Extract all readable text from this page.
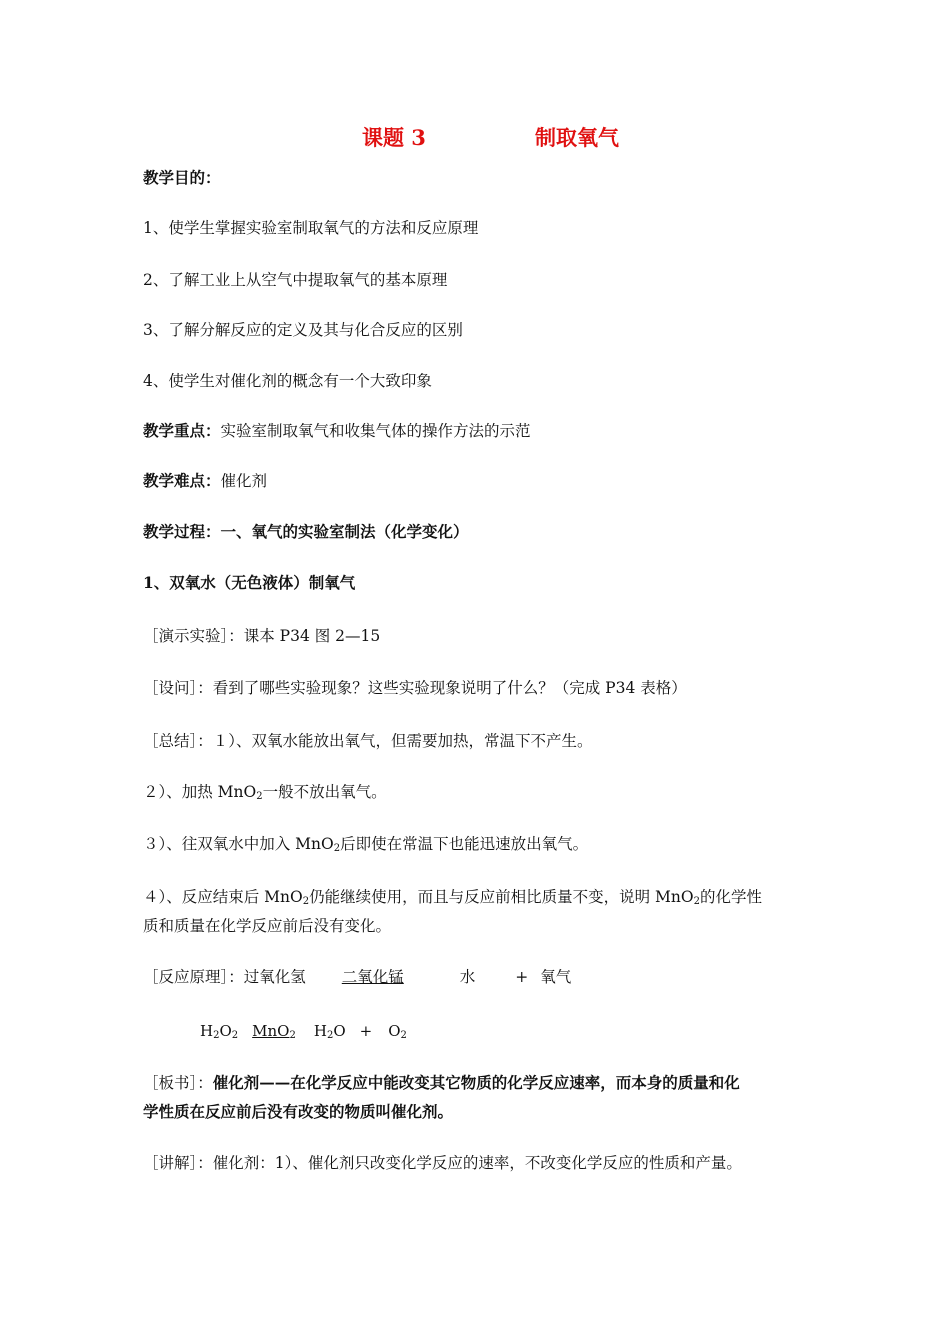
课题 3	制取氧气
教学目的：
1、使学生掌握实验室制取氧气的方法和反应原理
2、了解工业上从空气中提取氧气的基本原理
3、了解分解反应的定义及其与化合反应的区别
4、使学生对催化剂的概念有一个大致印象
教学重点：实验室制取氧气和收集气体的操作方法的示范
教学难点：催化剂
教学过程：一、氧气的实验室制法（化学变化）
1、双氧水（无色液体）制氧气
［演示实验］：课本 P34 图 2—15
［设问］：看到了哪些实验现象？这些实验现象说明了什么？（完成 P34 表格）
［总结］：１）、双氧水能放出氧气，但需要加热，常温下不产生。
２）、加热 MnO$_2$一般不放出氧气。
３）、往双氧水中加入 MnO$_2$后即使在常温下也能迅速放出氧气。
４）、反应结束后 MnO$_2$仍能继续使用，而且与反应前相比质量不变，说明 MnO$_2$的化学性
质和质量在化学反应前后没有变化。
［反应原理］：过氧化氢 二氧化锰	水	+ 氧气
$H_2O_2$ MnO$_2$ $H_2O + O_2$
［板书］：催化剂——在化学反应中能改变其它物质的化学反应速率，而本身的质量和化
学性质在反应前后没有改变的物质叫催化剂。
［讲解］：催化剂：1）、催化剂只改变化学反应的速率，不改变化学反应的性质和产量。
